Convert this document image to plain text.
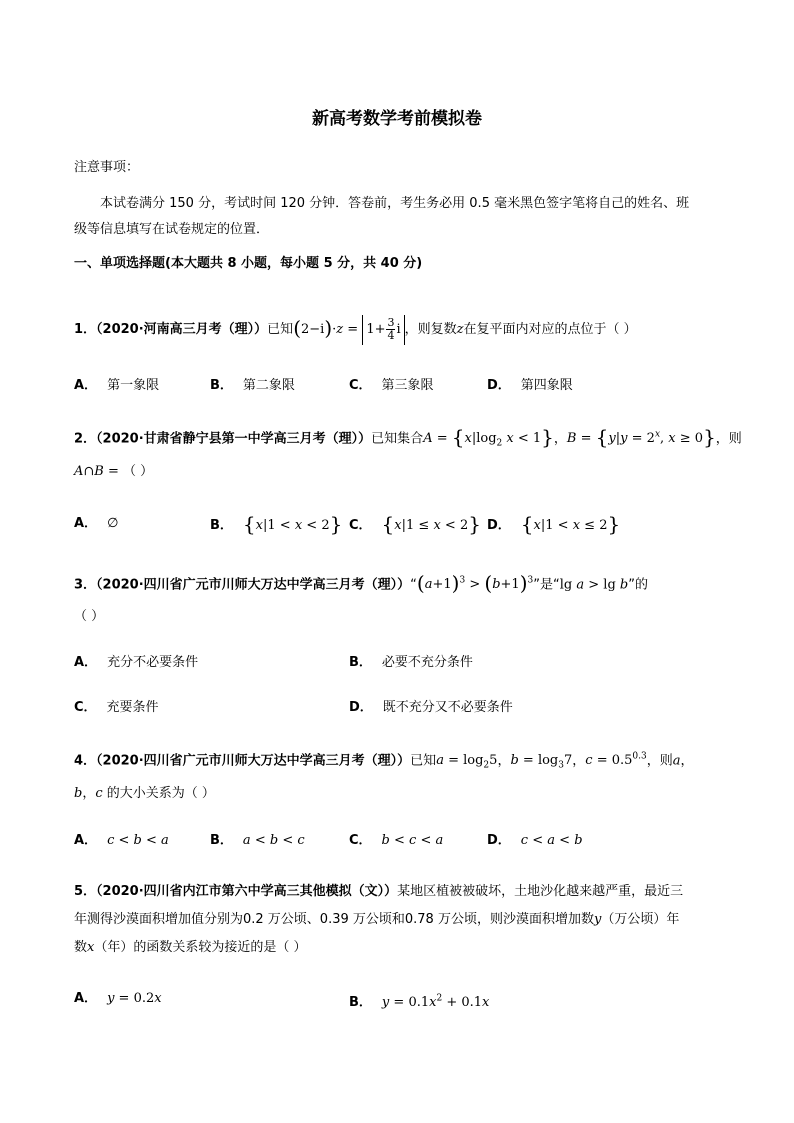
新高考数学考前模拟卷
注意事项：
本试卷满分 150 分，考试时间 120 分钟．答卷前，考生务必用 0.5 毫米黑色签字笔将自己的姓名、班
级等信息填写在试卷规定的位置．
一、单项选择题(本大题共 8 小题，每小题 5 分，共 40 分)
1．（2020·河南高三月考（理））已知$(2-i)\cdot z = 1+ \frac{3}{4}$ i ，则复数z在复平面内对应的点位于（ ）
A． 第一象限	B． 第二象限	C． 第三象限	D． 第四象限
2．（2020·甘肃省静宁县第一中学高三月考（理））已知集合$A = \{x|\log_2$ x < 1}，$B = \{y|y = 2^x$, x ≥ 0}，则
A∩B = （ ）
A． ∅	B． {x|1 < x < 2} C． {x|1 ≤ x < 2} D． {x|1 < x ≤ 2}
3．（2020·四川省广元市川师大万达中学高三月考（理））“$(a+1)^3 > (b+1)^3$”是“lg a > lg b”的
（ ）
A． 充分不必要条件	B． 必要不充分条件
C． 充要条件	D． 既不充分又不必要条件
4．（2020·四川省广元市川师大万达中学高三月考（理））已知$a = \log_25$，$b = \log_37$，$c = 0.5^{0.3}$，则a，
b，c 的大小关系为（ ）
A． c < b < a	B． a < b < c	C． b < c < a	D． c < a < b
5．（2020·四川省内江市第六中学高三其他模拟（文））某地区植被被破坏，土地沙化越来越严重，最近三
年测得沙漠面积增加值分别为0.2 万公顷、0.39 万公顷和0.78 万公顷，则沙漠面积增加数y（万公顷）年
数x（年）的函数关系较为接近的是（ ）
A． y = 0.2x	B． $y = 0.1x^2 + 0.1x$
